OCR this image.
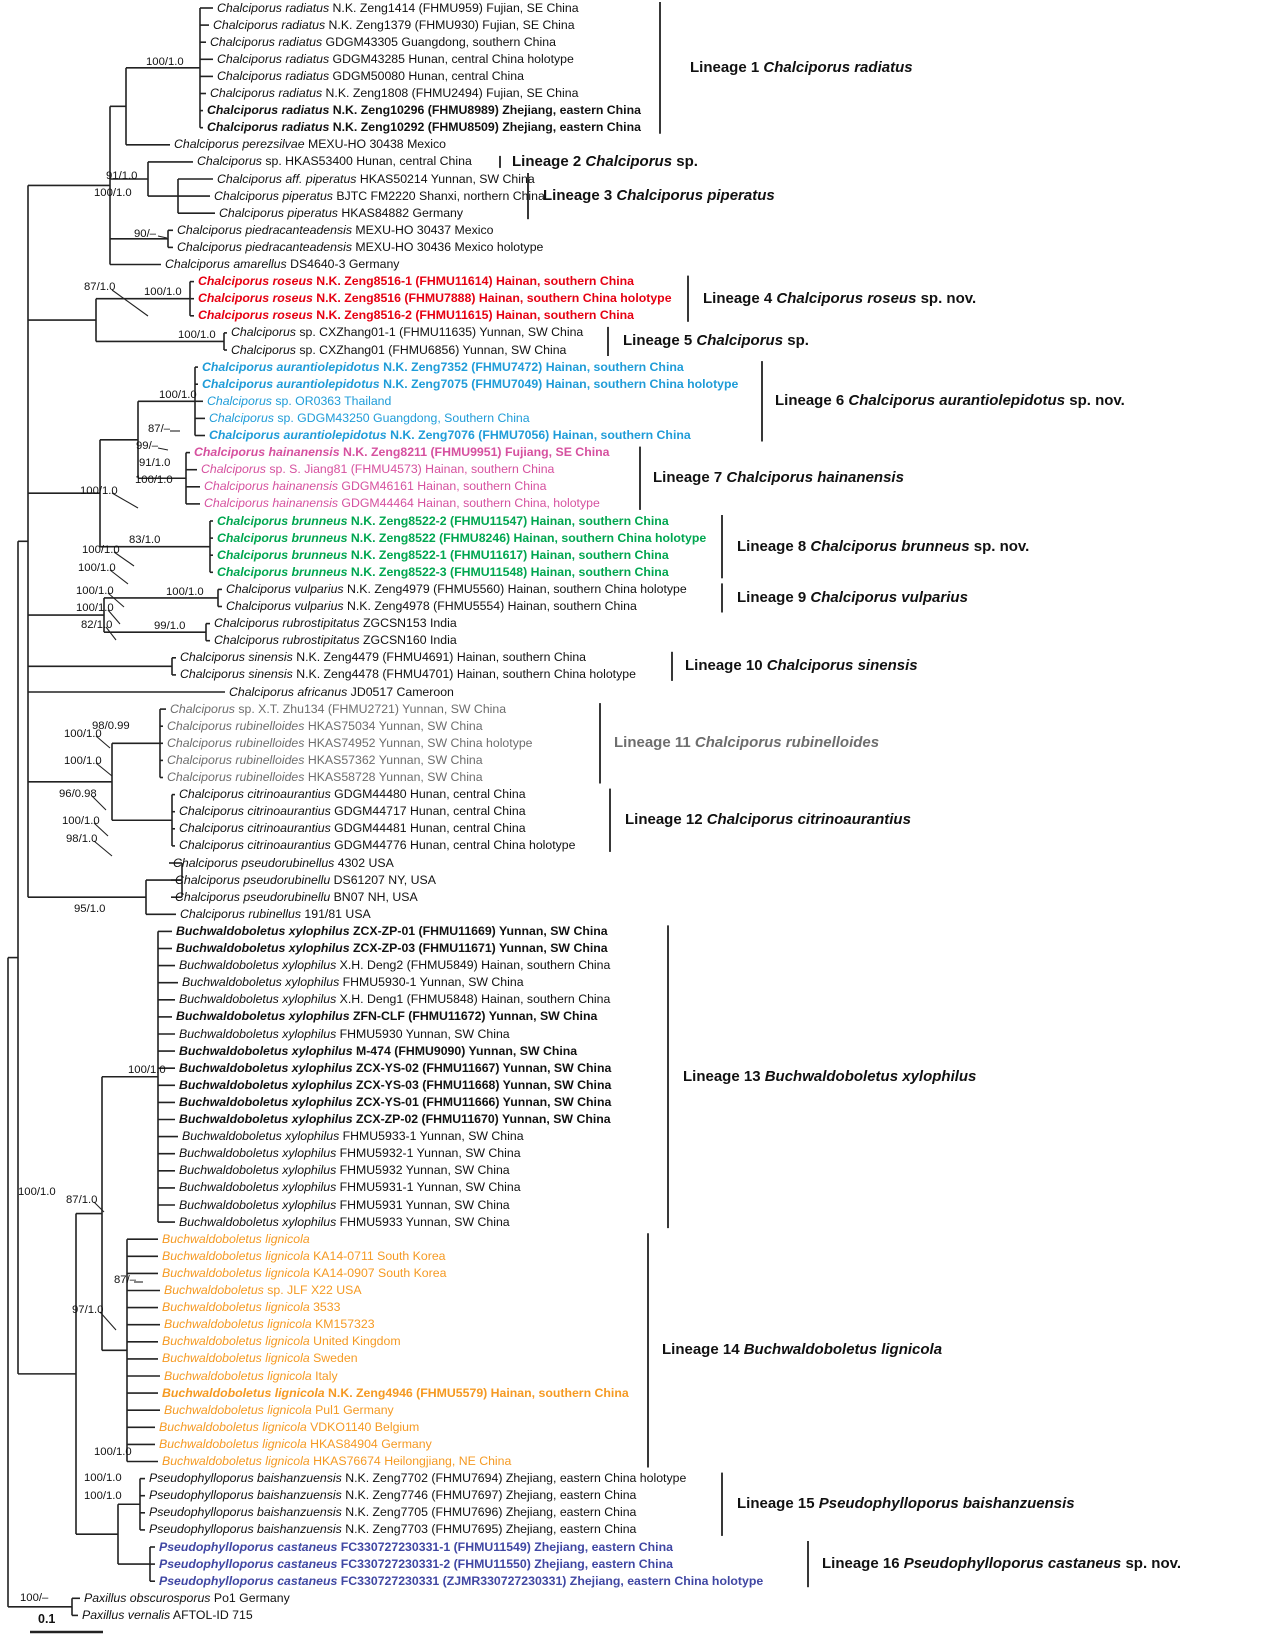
Chalciporus radiatus N.K. Zeng1414 (FHMU959) Fujian, SE China
Chalciporus radiatus N.K. Zeng1379 (FHMU930) Fujian, SE China
Chalciporus radiatus GDGM43305 Guangdong, southern China
Chalciporus radiatus GDGM43285 Hunan, central China holotype
Chalciporus radiatus GDGM50080 Hunan, central China
Chalciporus radiatus N.K. Zeng1808 (FHMU2494) Fujian, SE China
Chalciporus radiatus N.K. Zeng10296 (FHMU8989) Zhejiang, eastern China
Chalciporus radiatus N.K. Zeng10292 (FHMU8509) Zhejiang, eastern China
Chalciporus perezsilvae MEXU-HO 30438 Mexico
Chalciporus sp. HKAS53400 Hunan, central China
Chalciporus aff. piperatus HKAS50214 Yunnan, SW China
Chalciporus piperatus BJTC FM2220 Shanxi, northern China
Chalciporus piperatus HKAS84882 Germany
Chalciporus piedracanteadensis MEXU-HO 30437 Mexico
Chalciporus piedracanteadensis MEXU-HO 30436 Mexico holotype
Chalciporus amarellus DS4640-3 Germany
Chalciporus roseus N.K. Zeng8516-1 (FHMU11614) Hainan, southern China
Chalciporus roseus N.K. Zeng8516 (FHMU7888) Hainan, southern China holotype
Chalciporus roseus N.K. Zeng8516-2 (FHMU11615) Hainan, southern China
Chalciporus sp. CXZhang01-1 (FHMU11635) Yunnan, SW China
Chalciporus sp. CXZhang01 (FHMU6856) Yunnan, SW China
Chalciporus aurantiolepidotus N.K. Zeng7352 (FHMU7472) Hainan, southern China
Chalciporus aurantiolepidotus N.K. Zeng7075 (FHMU7049) Hainan, southern China holotype
Chalciporus sp. OR0363 Thailand
Chalciporus sp. GDGM43250 Guangdong, Southern China
Chalciporus aurantiolepidotus N.K. Zeng7076 (FHMU7056) Hainan, southern China
Chalciporus hainanensis N.K. Zeng8211 (FHMU9951) Fujiang, SE China
Chalciporus sp. S. Jiang81 (FHMU4573) Hainan, southern China
Chalciporus hainanensis GDGM46161 Hainan, southern China
Chalciporus hainanensis GDGM44464 Hainan, southern China, holotype
Chalciporus brunneus N.K. Zeng8522-2 (FHMU11547) Hainan, southern China
Chalciporus brunneus N.K. Zeng8522 (FHMU8246) Hainan, southern China holotype
Chalciporus brunneus N.K. Zeng8522-1 (FHMU11617) Hainan, southern China
Chalciporus brunneus N.K. Zeng8522-3 (FHMU11548) Hainan, southern China
Chalciporus vulparius N.K. Zeng4979 (FHMU5560) Hainan, southern China holotype
Chalciporus vulparius N.K. Zeng4978 (FHMU5554) Hainan, southern China
Chalciporus rubrostipitatus ZGCSN153 India
Chalciporus rubrostipitatus ZGCSN160 India
Chalciporus sinensis N.K. Zeng4479 (FHMU4691) Hainan, southern China
Chalciporus sinensis N.K. Zeng4478 (FHMU4701) Hainan, southern China holotype
Chalciporus africanus JD0517 Cameroon
Chalciporus sp. X.T. Zhu134 (FHMU2721) Yunnan, SW China
Chalciporus rubinelloides HKAS75034 Yunnan, SW China
Chalciporus rubinelloides HKAS74952 Yunnan, SW China holotype
Chalciporus rubinelloides HKAS57362 Yunnan, SW China
Chalciporus rubinelloides HKAS58728 Yunnan, SW China
Chalciporus citrinoaurantius GDGM44480 Hunan, central China
Chalciporus citrinoaurantius GDGM44717 Hunan, central China
Chalciporus citrinoaurantius GDGM44481 Hunan, central China
Chalciporus citrinoaurantius GDGM44776 Hunan, central China holotype
Chalciporus pseudorubinellus 4302 USA
Chalciporus pseudorubinellu DS61207 NY, USA
Chalciporus pseudorubinellu BN07 NH, USA
Chalciporus rubinellus 191/81 USA
Buchwaldoboletus xylophilus ZCX-ZP-01 (FHMU11669) Yunnan, SW China
Buchwaldoboletus xylophilus ZCX-ZP-03 (FHMU11671) Yunnan, SW China
Buchwaldoboletus xylophilus X.H. Deng2 (FHMU5849) Hainan, southern China
Buchwaldoboletus xylophilus FHMU5930-1 Yunnan, SW China
Buchwaldoboletus xylophilus X.H. Deng1 (FHMU5848) Hainan, southern China
Buchwaldoboletus xylophilus ZFN-CLF (FHMU11672) Yunnan, SW China
Buchwaldoboletus xylophilus FHMU5930 Yunnan, SW China
Buchwaldoboletus xylophilus M-474 (FHMU9090) Yunnan, SW China
Buchwaldoboletus xylophilus ZCX-YS-02 (FHMU11667) Yunnan, SW China
Buchwaldoboletus xylophilus ZCX-YS-03 (FHMU11668) Yunnan, SW China
Buchwaldoboletus xylophilus ZCX-YS-01 (FHMU11666) Yunnan, SW China
Buchwaldoboletus xylophilus ZCX-ZP-02 (FHMU11670) Yunnan, SW China
Buchwaldoboletus xylophilus FHMU5933-1 Yunnan, SW China
Buchwaldoboletus xylophilus FHMU5932-1 Yunnan, SW China
Buchwaldoboletus xylophilus FHMU5932 Yunnan, SW China
Buchwaldoboletus xylophilus FHMU5931-1 Yunnan, SW China
Buchwaldoboletus xylophilus FHMU5931 Yunnan, SW China
Buchwaldoboletus xylophilus FHMU5933 Yunnan, SW China
Buchwaldoboletus lignicola
Buchwaldoboletus lignicola KA14-0711 South Korea
Buchwaldoboletus lignicola KA14-0907 South Korea
Buchwaldoboletus sp. JLF X22 USA
Buchwaldoboletus lignicola 3533
Buchwaldoboletus lignicola KM157323
Buchwaldoboletus lignicola United Kingdom
Buchwaldoboletus lignicola Sweden
Buchwaldoboletus lignicola Italy
Buchwaldoboletus lignicola N.K. Zeng4946 (FHMU5579) Hainan, southern China
Buchwaldoboletus lignicola Pul1 Germany
Buchwaldoboletus lignicola VDKO1140 Belgium
Buchwaldoboletus lignicola HKAS84904 Germany
Buchwaldoboletus lignicola HKAS76674 Heilongjiang, NE China
Pseudophylloporus baishanzuensis N.K. Zeng7702 (FHMU7694) Zhejiang, eastern China holotype
Pseudophylloporus baishanzuensis N.K. Zeng7746 (FHMU7697) Zhejiang, eastern China
Pseudophylloporus baishanzuensis N.K. Zeng7705 (FHMU7696) Zhejiang, eastern China
Pseudophylloporus baishanzuensis N.K. Zeng7703 (FHMU7695) Zhejiang, eastern China
Pseudophylloporus castaneus FC330727230331-1 (FHMU11549) Zhejiang, eastern China
Pseudophylloporus castaneus FC330727230331-2 (FHMU11550) Zhejiang, eastern China
Pseudophylloporus castaneus FC330727230331 (ZJMR330727230331) Zhejiang, eastern China holotype
Paxillus obscurosporus Po1 Germany
Paxillus vernalis AFTOL-ID 715
100/1.0
91/1.0
100/1.0
90/–
87/1.0	100/1.0
100/1.0
100/1.0
87/–
99/–
91/1.0
100/1.0
100/1.0
83/1.0
100/1.0
100/1.0
100/1.0
100/1.0
100/1.0
99/1.0
82/1.0
98/0.99
100/1.0
100/1.0
96/0.98
100/1.0
98/1.0
95/1.0
100/1.0
100/1.0
87/1.0
87/–
97/1.0
100/1.0
100/1.0
100/1.0
100/–
Lineage 1 Chalciporus radiatus
Lineage 2 Chalciporus sp.
Lineage 3 Chalciporus piperatus
Lineage 4 Chalciporus roseus sp. nov.
Lineage 5 Chalciporus sp.
Lineage 6 Chalciporus aurantiolepidotus sp. nov.
Lineage 7 Chalciporus hainanensis
Lineage 8 Chalciporus brunneus sp. nov.
Lineage 9 Chalciporus vulparius
Lineage 10 Chalciporus sinensis
Lineage 11 Chalciporus rubinelloides
Lineage 12 Chalciporus citrinoaurantius
Lineage 13 Buchwaldoboletus xylophilus
Lineage 14 Buchwaldoboletus lignicola
Lineage 15 Pseudophylloporus baishanzuensis
Lineage 16 Pseudophylloporus castaneus sp. nov.
0.1
